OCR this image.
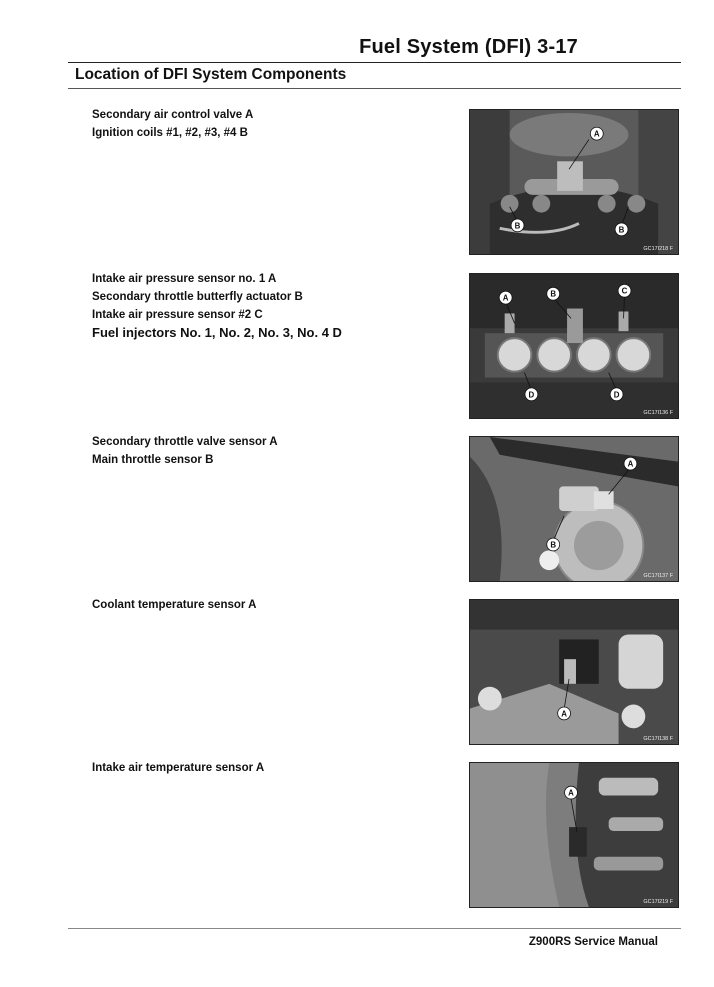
Fuel System (DFI) 3-17
Location of DFI System Components
Secondary air control valve A
Ignition coils #1, #2, #3, #4 B	A
B	B
GC17I218 F
Intake air pressure sensor no. 1 A
Secondary throttle butterfly actuator B
Intake air pressure sensor #2 C
Fuel injectors No. 1, No. 2, No. 3, No. 4 D
A	B	C
D	D
GC17I136 F
Secondary throttle valve sensor A
Main throttle sensor B	A
B
GC17I137 F
Coolant temperature sensor A
A
GC17I138 F
Intake air temperature sensor A
A
GC17I219 F
Z900RS Service Manual
